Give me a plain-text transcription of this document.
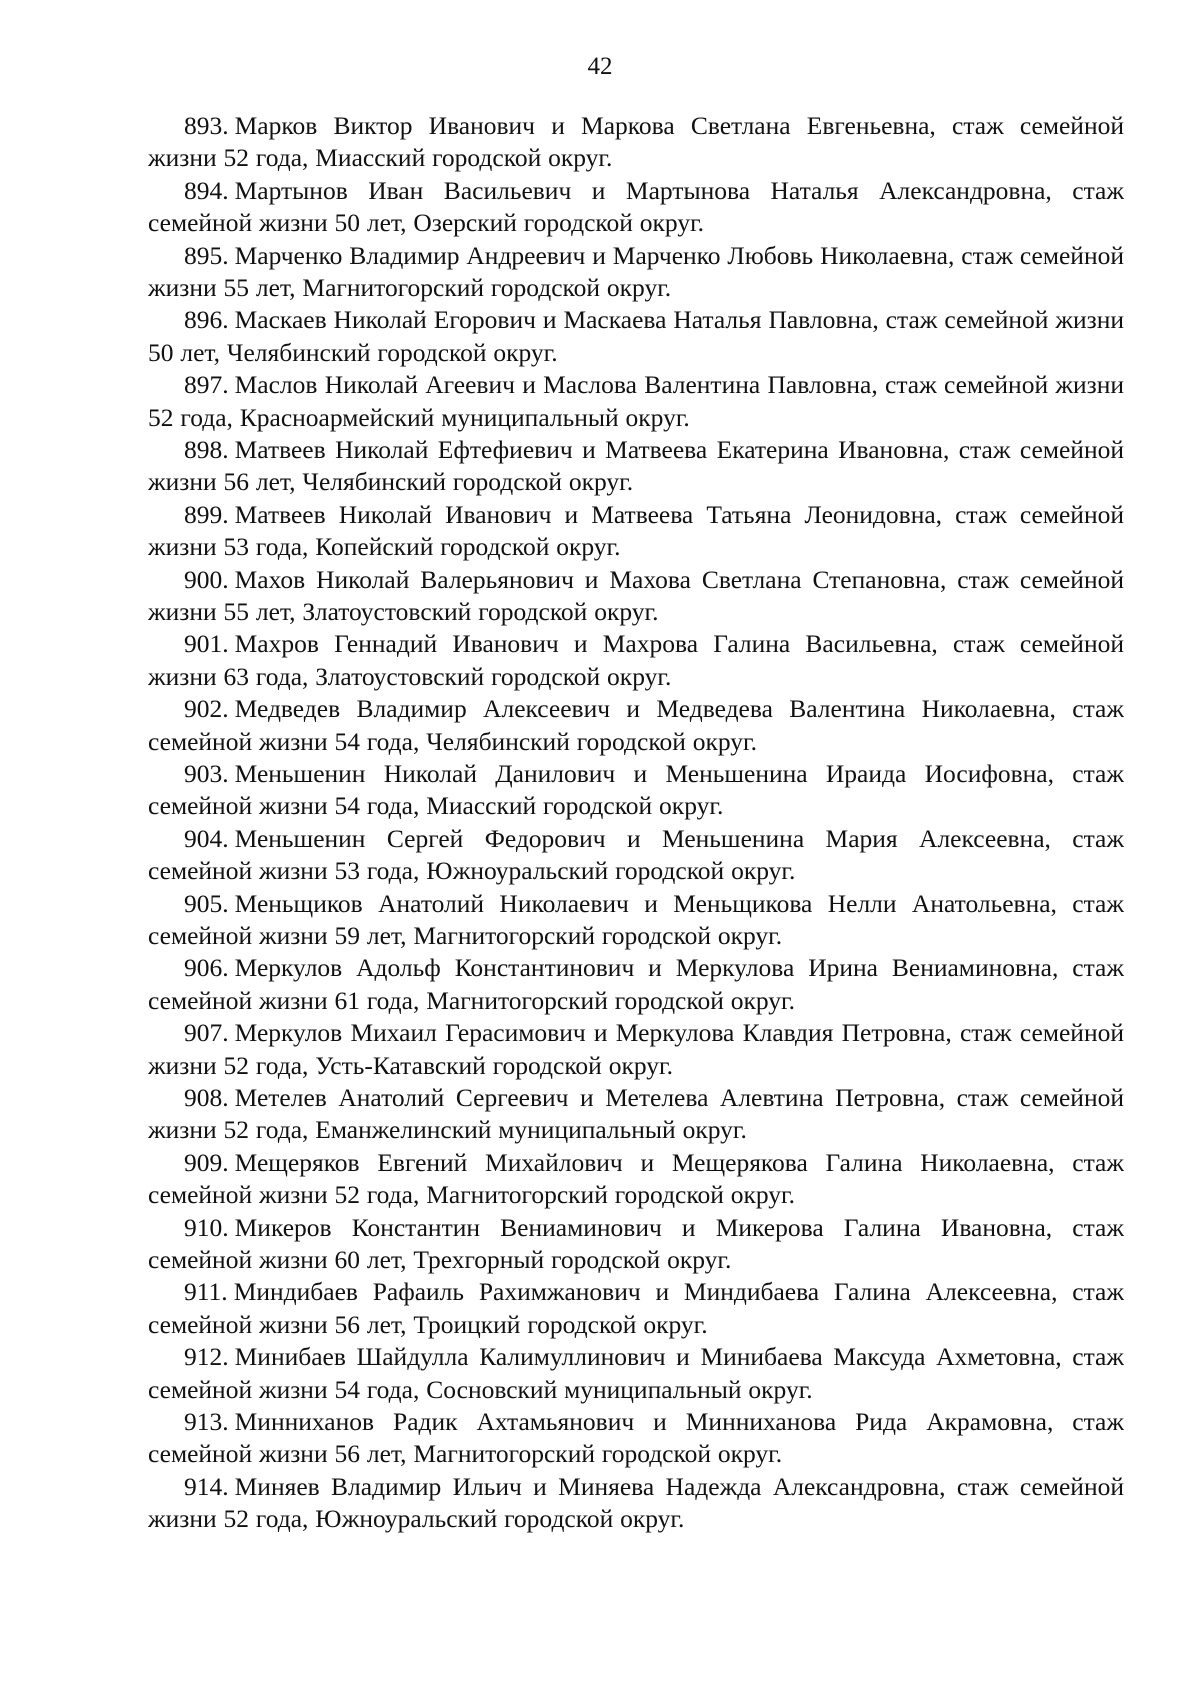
42

893. Марков Виктор Иванович и Маркова Светлана Евгеньевна, стаж семейной жизни 52 года, Миасский городской округ.

894. Мартынов Иван Васильевич и Мартынова Наталья Александровна, стаж семейной жизни 50 лет, Озерский городской округ.

895. Марченко Владимир Андреевич и Марченко Любовь Николаевна, стаж семейной жизни 55 лет, Магнитогорский городской округ.

896. Маскаев Николай Егорович и Маскаева Наталья Павловна, стаж семейной жизни 50 лет, Челябинский городской округ.

897. Маслов Николай Агеевич и Маслова Валентина Павловна, стаж семейной жизни 52 года, Красноармейский муниципальный округ.

898. Матвеев Николай Ефтефиевич и Матвеева Екатерина Ивановна, стаж семейной жизни 56 лет, Челябинский городской округ.

899. Матвеев Николай Иванович и Матвеева Татьяна Леонидовна, стаж семейной жизни 53 года, Копейский городской округ.

900. Махов Николай Валерьянович и Махова Светлана Степановна, стаж семейной жизни 55 лет, Златоустовский городской округ.

901. Махров Геннадий Иванович и Махрова Галина Васильевна, стаж семейной жизни 63 года, Златоустовский городской округ.

902. Медведев Владимир Алексеевич и Медведева Валентина Николаевна, стаж семейной жизни 54 года, Челябинский городской округ.

903. Меньшенин Николай Данилович и Меньшенина Ираида Иосифовна, стаж семейной жизни 54 года, Миасский городской округ.

904. Меньшенин Сергей Федорович и Меньшенина Мария Алексеевна, стаж семейной жизни 53 года, Южноуральский городской округ.

905. Меньщиков Анатолий Николаевич и Меньщикова Нелли Анатольевна, стаж семейной жизни 59 лет, Магнитогорский городской округ.

906. Меркулов Адольф Константинович и Меркулова Ирина Вениаминовна, стаж семейной жизни 61 года, Магнитогорский городской округ.

907. Меркулов Михаил Герасимович и Меркулова Клавдия Петровна, стаж семейной жизни 52 года, Усть-Катавский городской округ.

908. Метелев Анатолий Сергеевич и Метелева Алевтина Петровна, стаж семейной жизни 52 года, Еманжелинский муниципальный округ.

909. Мещеряков Евгений Михайлович и Мещерякова Галина Николаевна, стаж семейной жизни 52 года, Магнитогорский городской округ.

910. Микеров Константин Вениаминович и Микерова Галина Ивановна, стаж семейной жизни 60 лет, Трехгорный городской округ.

911. Миндибаев Рафаиль Рахимжанович и Миндибаева Галина Алексеевна, стаж семейной жизни 56 лет, Троицкий городской округ.

912. Минибаев Шайдулла Калимуллинович и Минибаева Максуда Ахметовна, стаж семейной жизни 54 года, Сосновский муниципальный округ.

913. Минниханов Радик Ахтамьянович и Минниханова Рида Акрамовна, стаж семейной жизни 56 лет, Магнитогорский городской округ.

914. Миняев Владимир Ильич и Миняева Надежда Александровна, стаж семейной жизни 52 года, Южноуральский городской округ.
